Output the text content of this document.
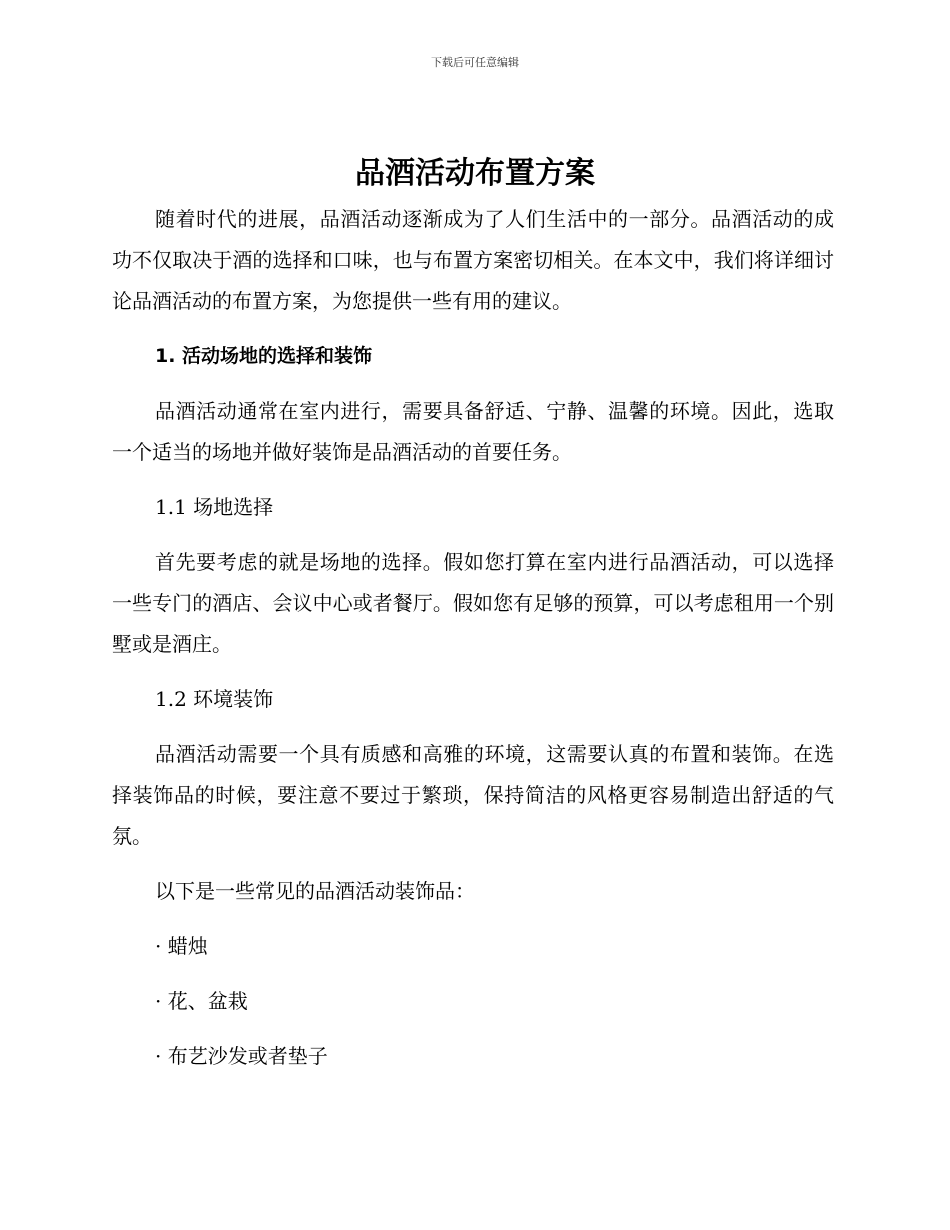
下载后可任意编辑
品酒活动布置方案

随着时代的进展，品酒活动逐渐成为了人们生活中的一部分。品酒活动的成功不仅取决于酒的选择和口味，也与布置方案密切相关。在本文中，我们将详细讨论品酒活动的布置方案，为您提供一些有用的建议。

1. 活动场地的选择和装饰

品酒活动通常在室内进行，需要具备舒适、宁静、温馨的环境。因此，选取一个适当的场地并做好装饰是品酒活动的首要任务。

1.1 场地选择

首先要考虑的就是场地的选择。假如您打算在室内进行品酒活动，可以选择一些专门的酒店、会议中心或者餐厅。假如您有足够的预算，可以考虑租用一个别墅或是酒庄。

1.2 环境装饰

品酒活动需要一个具有质感和高雅的环境，这需要认真的布置和装饰。在选择装饰品的时候，要注意不要过于繁琐，保持简洁的风格更容易制造出舒适的气氛。

以下是一些常见的品酒活动装饰品：

· 蜡烛

· 花、盆栽

· 布艺沙发或者垫子
